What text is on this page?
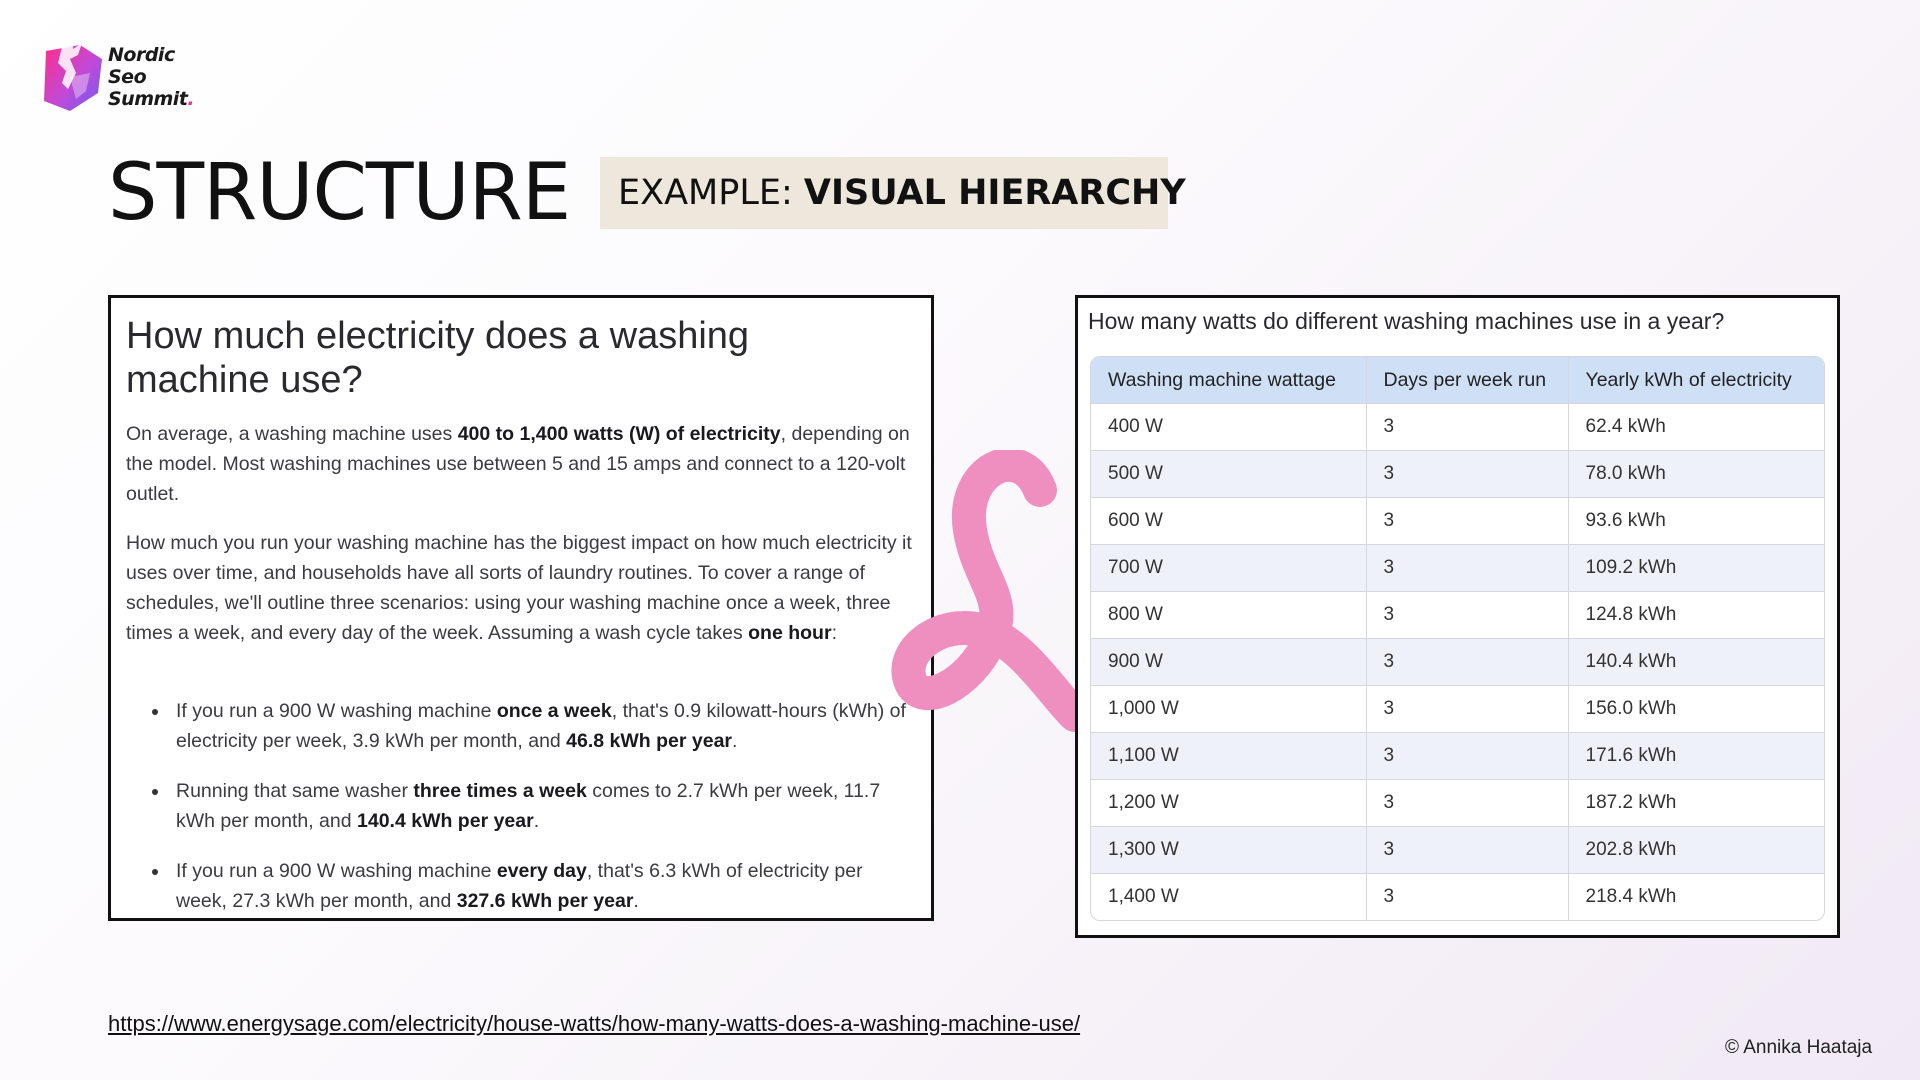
Nordic
Seo
Summit.
STRUCTURE EXAMPLE: VISUAL HIERARCHY
How much electricity does a washing machine use?

On average, a washing machine uses 400 to 1,400 watts (W) of electricity, depending on the model. Most washing machines use between 5 and 15 amps and connect to a 120-volt outlet.

How much you run your washing machine has the biggest impact on how much electricity it uses over time, and households have all sorts of laundry routines. To cover a range of schedules, we'll outline three scenarios: using your washing machine once a week, three times a week, and every day of the week. Assuming a wash cycle takes one hour:

If you run a 900 W washing machine once a week, that's 0.9 kilowatt-hours (kWh) of electricity per week, 3.9 kWh per month, and 46.8 kWh per year.
Running that same washer three times a week comes to 2.7 kWh per week, 11.7 kWh per month, and 140.4 kWh per year.
If you run a 900 W washing machine every day, that's 6.3 kWh of electricity per week, 27.3 kWh per month, and 327.6 kWh per year.
How many watts do different washing machines use in a year?
Washing machine wattage	Days per week run	Yearly kWh of electricity
400 W	3	62.4 kWh
500 W	3	78.0 kWh
600 W	3	93.6 kWh
700 W	3	109.2 kWh
800 W	3	124.8 kWh
900 W	3	140.4 kWh
1,000 W	3	156.0 kWh
1,100 W	3	171.6 kWh
1,200 W	3	187.2 kWh
1,300 W	3	202.8 kWh
1,400 W	3	218.4 kWh
https://www.energysage.com/electricity/house-watts/how-many-watts-does-a-washing-machine-use/
© Annika Haataja
